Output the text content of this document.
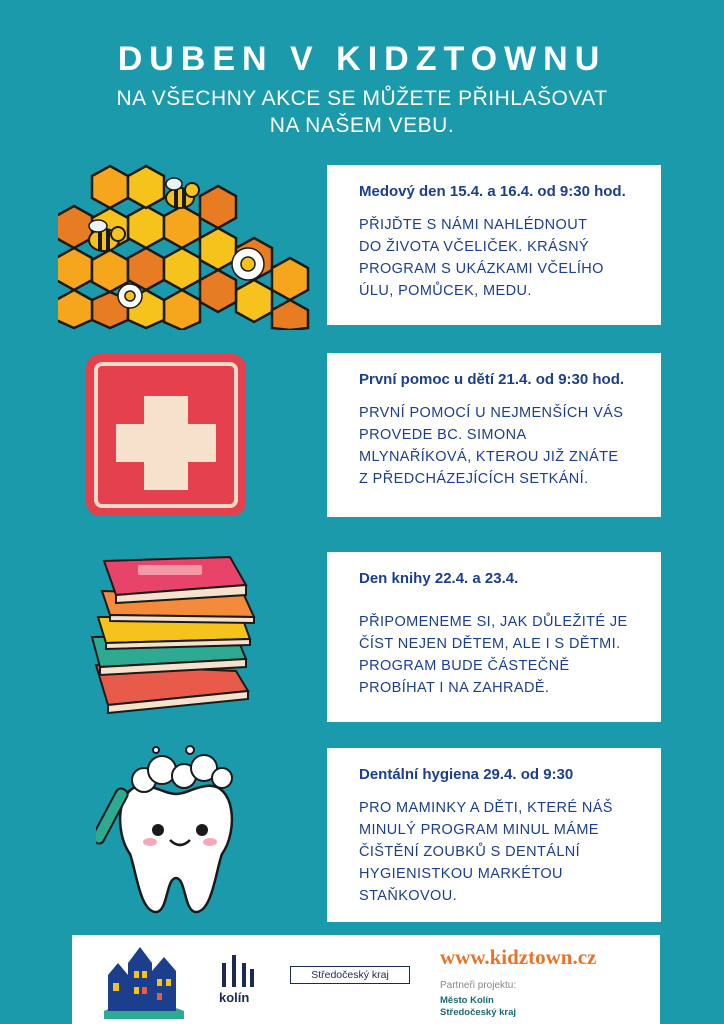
DUBEN V KIDZTOWNU
NA VŠECHNY AKCE SE MŮŽETE PŘIHLAŠOVAT
NA NAŠEM VEBU.
Medový den 15.4. a 16.4. od 9:30 hod.
PŘIJĎTE S NÁMI NAHLÉDNOUT
DO ŽIVOTA VČELIČEK. KRÁSNÝ
PROGRAM S UKÁZKAMI VČELÍHO
ÚLU, POMŮCEK, MEDU.
První pomoc u dětí 21.4. od 9:30 hod.
PRVNÍ POMOCÍ U NEJMENŠÍCH VÁS
PROVEDE BC. SIMONA
MLYNAŘÍKOVÁ, KTEROU JIŽ ZNÁTE
Z PŘEDCHÁZEJÍCÍCH SETKÁNÍ.
Den knihy 22.4. a 23.4.
PŘIPOMENEME SI, JAK DŮLEŽITÉ JE
ČÍST NEJEN DĚTEM, ALE I S DĚTMI.
PROGRAM BUDE ČÁSTEČNĚ
PROBÍHAT I NA ZAHRADĚ.
Dentální hygiena 29.4. od 9:30
PRO MAMINKY A DĚTI, KTERÉ NÁŠ
MINULÝ PROGRAM MINUL MÁME
ČIŠTĚNÍ ZOUBKŮ S DENTÁLNÍ
HYGIENISTKOU MARKÉTOU
STAŇKOVOU.
kolín
Středočeský kraj
www.kidztown.cz
Partneři projektu:
Město Kolín
Středočeský kraj
